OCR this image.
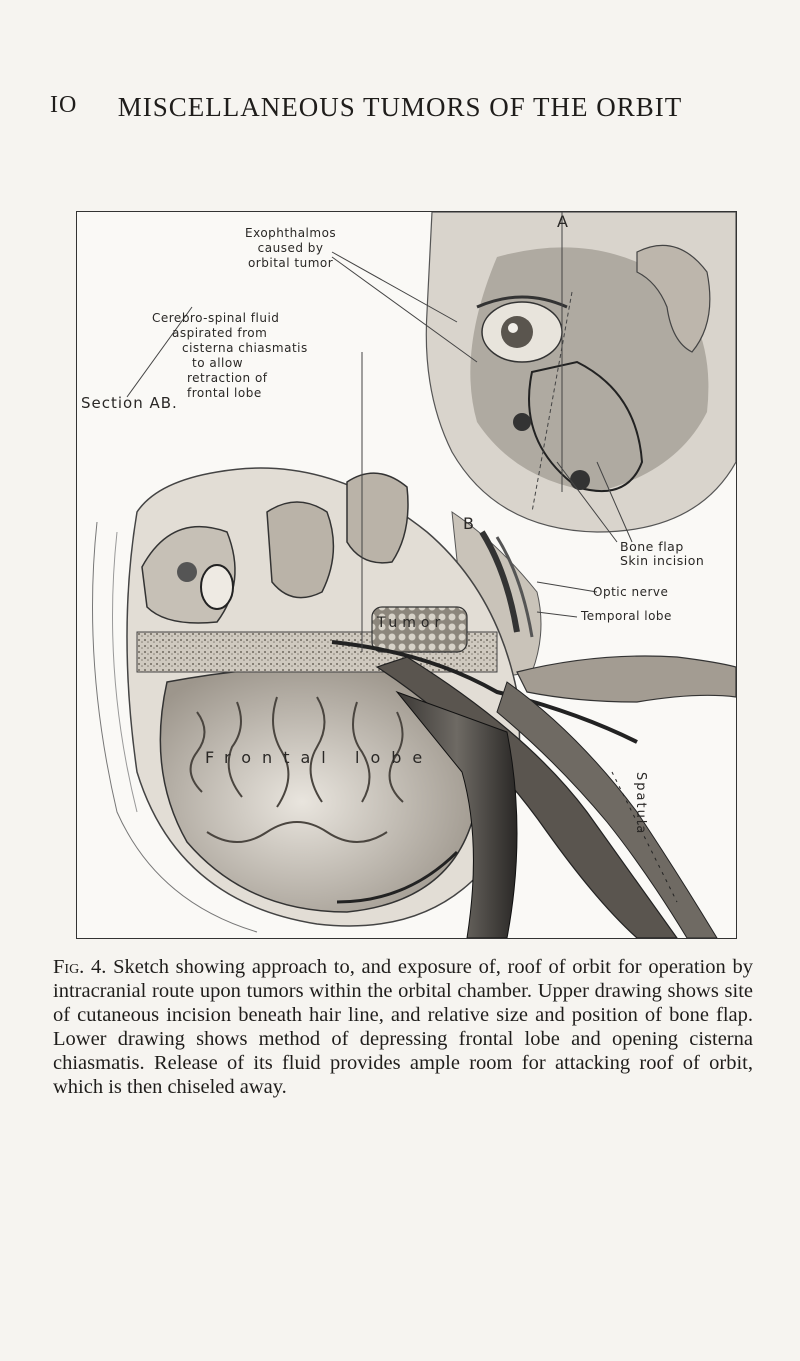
IO	MISCELLANEOUS TUMORS OF THE ORBIT
Exophthalmos
caused by
orbital tumor
Cerebro-spinal fluid
aspirated from
cisterna chiasmatis
to allow
retraction of
frontal lobe
Section AB.
A
B
Bone flap
Skin incision
Optic nerve
Temporal lobe
Tumor
Frontal lobe
Spatula
Fig. 4. Sketch showing approach to, and exposure of, roof of orbit for operation by intracranial route upon tumors within the orbital chamber. Upper drawing shows site of cutaneous incision beneath hair line, and relative size and position of bone flap. Lower drawing shows method of depressing frontal lobe and opening cisterna chiasmatis. Release of its fluid provides ample room for attacking roof of orbit, which is then chiseled away.
